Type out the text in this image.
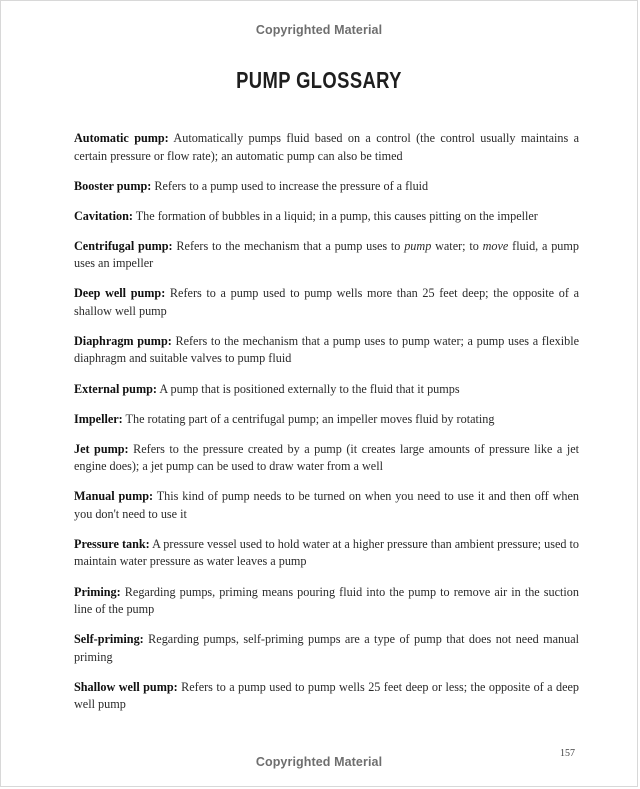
Copyrighted Material
PUMP GLOSSARY

Automatic pump: Automatically pumps fluid based on a control (the control usually maintains a certain pressure or flow rate); an automatic pump can also be timed

Booster pump: Refers to a pump used to increase the pressure of a fluid

Cavitation: The formation of bubbles in a liquid; in a pump, this causes pitting on the impeller

Centrifugal pump: Refers to the mechanism that a pump uses to pump water; to move fluid, a pump uses an impeller

Deep well pump: Refers to a pump used to pump wells more than 25 feet deep; the opposite of a shallow well pump

Diaphragm pump: Refers to the mechanism that a pump uses to pump water; a pump uses a flexible diaphragm and suitable valves to pump fluid

External pump: A pump that is positioned externally to the fluid that it pumps

Impeller: The rotating part of a centrifugal pump; an impeller moves fluid by rotating

Jet pump: Refers to the pressure created by a pump (it creates large amounts of pressure like a jet engine does); a jet pump can be used to draw water from a well

Manual pump: This kind of pump needs to be turned on when you need to use it and then off when you don't need to use it

Pressure tank: A pressure vessel used to hold water at a higher pressure than ambient pressure; used to maintain water pressure as water leaves a pump

Priming: Regarding pumps, priming means pouring fluid into the pump to remove air in the suction line of the pump

Self-priming: Regarding pumps, self-priming pumps are a type of pump that does not need manual priming

Shallow well pump: Refers to a pump used to pump wells 25 feet deep or less; the opposite of a deep well pump

157
Copyrighted Material
